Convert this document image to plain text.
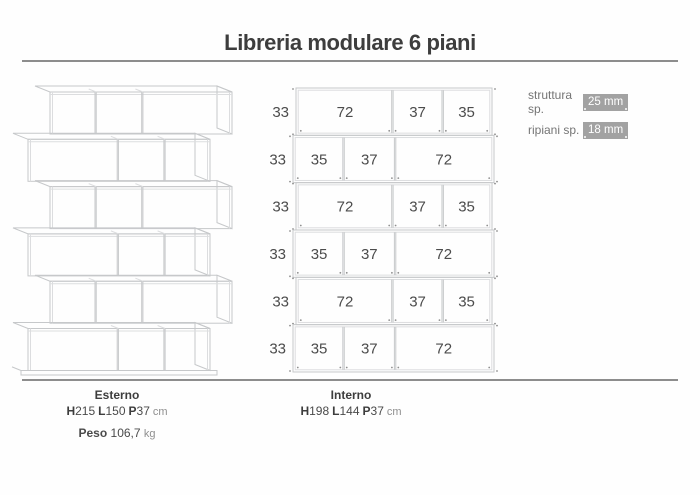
Libreria modulare 6 piani
33	72	37 35
33 35 37	72
33	72	37 35
33 35 37	72
33	72	37 35
33 35 37	72
struttura sp.
25 mm
ripiani sp. 18 mm
Esterno
H215 L150 P37 cm
Peso 106,7 kg
Interno
H198 L144 P37 cm
